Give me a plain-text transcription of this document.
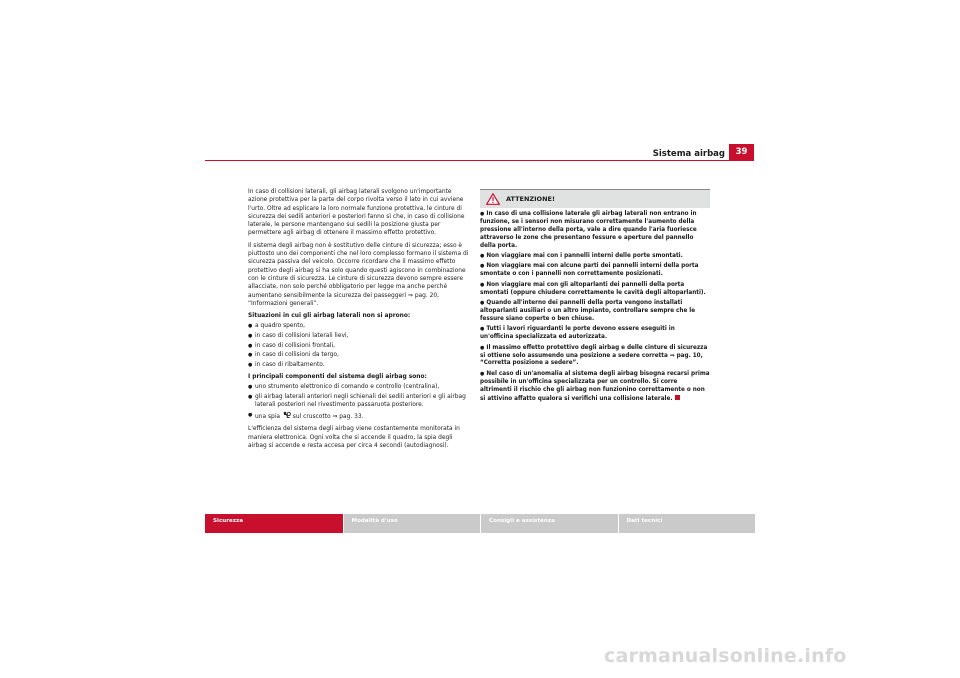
Sistema airbag	39

In caso di collisioni laterali, gli airbag laterali svolgono un'importante azione protettiva per la parte del corpo rivolta verso il lato in cui avviene l'urto. Oltre ad esplicare la loro normale funzione protettiva, le cinture di sicurezza dei sedili anteriori e posteriori fanno sì che, in caso di collisione laterale, le persone mantengano sui sedili la posizione giusta per permettere agli airbag di ottenere il massimo effetto protettivo.

Il sistema degli airbag non è sostitutivo delle cinture di sicurezza; esso è piuttosto uno dei componenti che nel loro complesso formano il sistema di sicurezza passiva del veicolo. Occorre ricordare che il massimo effetto protettivo degli airbag si ha solo quando questi agiscono in combinazione con le cinture di sicurezza. Le cinture di sicurezza devono sempre essere allacciate, non solo perché obbligatorio per legge ma anche perché aumentano sensibilmente la sicurezza dei passeggeri ⇒ pag. 20, “Informazioni generali”.

Situazioni in cui gli airbag laterali non si aprono:

● a quadro spento,
● in caso di collisioni laterali lievi,
● in caso di collisioni frontali,
● in caso di collisioni da tergo,
● in caso di ribaltamento.

I principali componenti del sistema degli airbag sono:

● uno strumento elettronico di comando e controllo (centralina),
● gli airbag laterali anteriori negli schienali dei sedili anteriori e gli airbag laterali posteriori nel rivestimento passaruota posteriore.
● una spia sul cruscotto ⇒ pag. 33.

L'efficienza del sistema degli airbag viene costantemente monitorata in maniera elettronica. Ogni volta che si accende il quadro, la spia degli airbag si accende e resta accesa per circa 4 secondi (autodiagnosi).

ATTENZIONE!

● In caso di una collisione laterale gli airbag laterali non entrano in funzione, se i sensori non misurano correttamente l'aumento della pressione all'interno della porta, vale a dire quando l'aria fuoriesce attraverso le zone che presentano fessure e aperture del pannello della porta.

● Non viaggiare mai con i pannelli interni delle porte smontati.

● Non viaggiare mai con alcune parti dei pannelli interni della porta smontate o con i pannelli non correttamente posizionati.

● Non viaggiare mai con gli altoparlanti dei pannelli della porta smontati (oppure chiudere correttamente le cavità degli altoparlanti).

● Quando all'interno dei pannelli della porta vengono installati altoparlanti ausiliari o un altro impianto, controllare sempre che le fessure siano coperte o ben chiuse.

● Tutti i lavori riguardanti le porte devono essere eseguiti in un'officina specializzata ed autorizzata.

● Il massimo effetto protettivo degli airbag e delle cinture di sicurezza si ottiene solo assumendo una posizione a sedere corretta ⇒ pag. 10, “Corretta posizione a sedere”.

● Nel caso di un'anomalia al sistema degli airbag bisogna recarsi prima possibile in un'officina specializzata per un controllo. Si corre altrimenti il rischio che gli airbag non funzionino correttamente o non si attivino affatto qualora si verifichi una collisione laterale.

Sicurezza	Modalità d'uso	Consigli e assistenza	Dati tecnici
carmanualsonline.info
